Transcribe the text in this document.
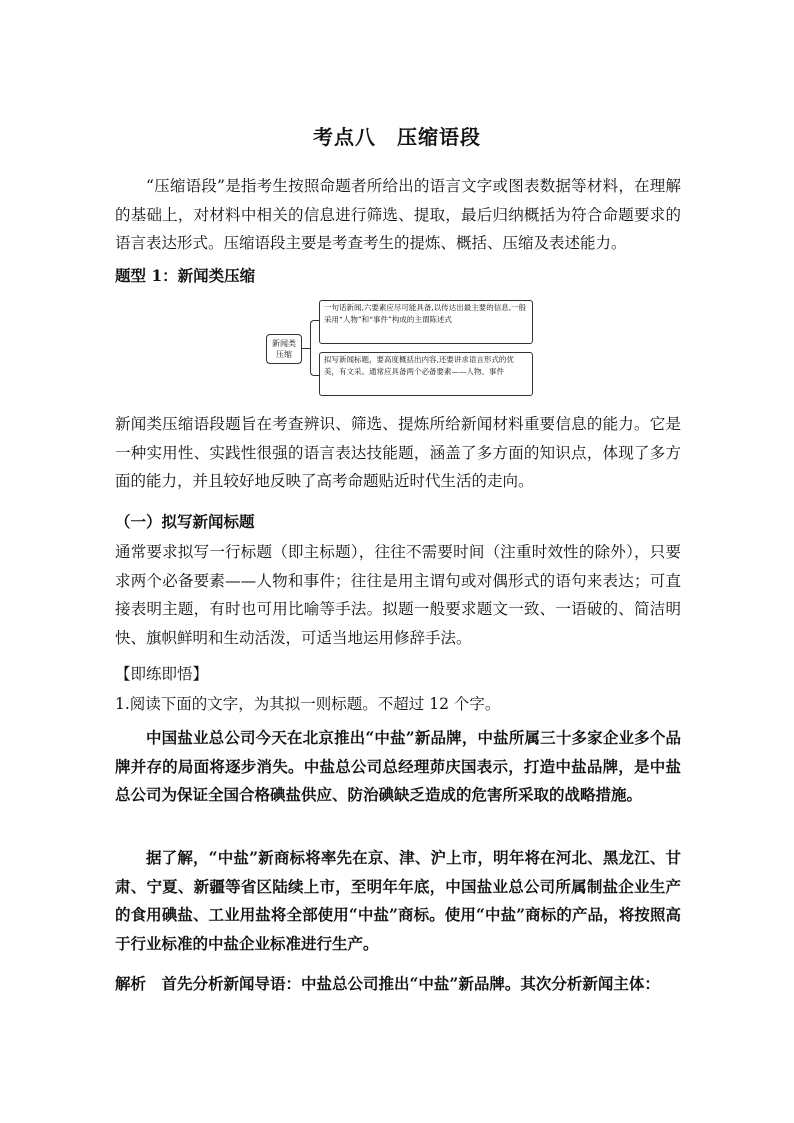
考点八　压缩语段

“压缩语段”是指考生按照命题者所给出的语言文字或图表数据等材料，在理解的基础上，对材料中相关的信息进行筛选、提取，最后归纳概括为符合命题要求的语言表达形式。压缩语段主要是考查考生的提炼、概括、压缩及表述能力。

题型 1：新闻类压缩
新闻类
压缩
一句话新闻,六要素应尽可能具备,以传达出最主要的信息,一般采用“人物”和“事件”构成的主谓陈述式
拟写新闻标题，要高度概括出内容,还要讲求语言形式的优美，有文采。通常应具备两个必备要素——人物、事件

新闻类压缩语段题旨在考查辨识、筛选、提炼所给新闻材料重要信息的能力。它是一种实用性、实践性很强的语言表达技能题，涵盖了多方面的知识点，体现了多方面的能力，并且较好地反映了高考命题贴近时代生活的走向。

（一）拟写新闻标题

通常要求拟写一行标题（即主标题），往往不需要时间（注重时效性的除外），只要求两个必备要素——人物和事件；往往是用主谓句或对偶形式的语句来表达；可直接表明主题，有时也可用比喻等手法。拟题一般要求题文一致、一语破的、简洁明快、旗帜鲜明和生动活泼，可适当地运用修辞手法。

【即练即悟】

1.阅读下面的文字，为其拟一则标题。不超过 12 个字。

中国盐业总公司今天在北京推出“中盐”新品牌，中盐所属三十多家企业多个品牌并存的局面将逐步消失。中盐总公司总经理茆庆国表示，打造中盐品牌，是中盐总公司为保证全国合格碘盐供应、防治碘缺乏造成的危害所采取的战略措施。

据了解，“中盐”新商标将率先在京、津、沪上市，明年将在河北、黑龙江、甘肃、宁夏、新疆等省区陆续上市，至明年年底，中国盐业总公司所属制盐企业生产的食用碘盐、工业用盐将全部使用“中盐”商标。使用“中盐”商标的产品，将按照高于行业标准的中盐企业标准进行生产。

解析　首先分析新闻导语：中盐总公司推出“中盐”新品牌。其次分析新闻主体：
